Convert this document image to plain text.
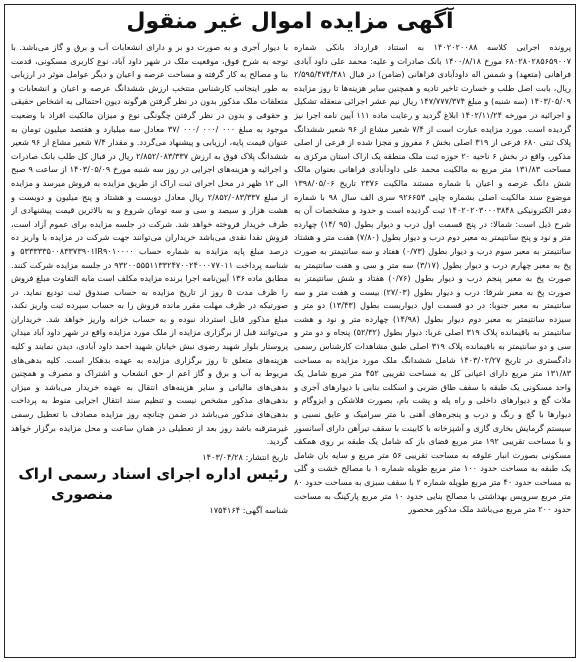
آگهی مزایده اموال غیر منقول

پرونده اجرایی کلاسه ۱۴۰۲۰۲۰۰۸۸ به استناد قرارداد بانکی شماره ۶۸۰۲۸۰۲۸۵۶۵۹۰۰۷ مورخ ۱۴۰۰/۸/۱۸ بانک صادرات و علیه: محمد علی داود آبادی فراهانی (متعهد) و شمس اله داودآبادی فراهانی (ضامن) در قبال ۲/۵۹۵/۴۷۴/۴۸۱ ریال، بابت اصل طلب و خسارت تاخیر تادیه و همچنین سایر هزینه‌ها تا روز مزایده ۱۴۰۳/۰۵/۰۹ (سه شنبه) و مبلغ ۱۴۷/۷۷۷/۳۷۴ ریال نیم عشر اجرائی منعقله تشکیل و اجرائیه در مورخه ۱۴۰۲/۱۱/۲۴ ابلاغ گردید و رعایت ماده ۱۱۱ آیین نامه اجرا نیز گردیده است. مورد مزایده عبارت است از ۷/۴ شعیر مشاع از ۹۶ شعیر ششدانگ پلاک ثبتی ۶۸۰ فرعی از ۳۱۹ اصلی بخش ۶ مفروز و مجزا شده از فرعی از اصلی مذکور، واقع در بخش ۶ ناحیه ۲۰ حوزه ثبت ملک منطقه یک اراک استان مرکزی به مساحت ۱۳۱/۸۳ متر مربع به مالکیت محمد علی داودآبادی فراهانی بعنوان مالک شش دانگ عرصه و اعیان با شماره مستند مالکیت ۲۳۷۶ تاریخ ۱۳۹۸/۰۵/۰۶ موضوع سند مالکیت اصلی بشماره چاپی ۹۲۶۶۵۳ سری الف سال ۹۸ با شماره دفتر الکترونیکی ۱۴۰۲۰۲۰۳۰۰۰۳۸۴۸ ثبت گردیده است و حدود و مشخصات آن به شرح ذیل است: شمالا: در پنج قسمت اول درب و دیوار بطول (۹۵ /۱۴) چهارده متر و نود و پنج سانتیمتر به معبر دوم درب و دیوار بطول (۷/۸۰) هفت متر و هشتاد سانتیمتر به معبر سوم درب و دیوار بطول (۰/۷۳) هفتاد و سه سانتیمتر به صورت پخ به معبر چهارم درب و دیوار بطول (۳/۱۷) سه متر و سی و هفت سانتیمتر به صورت پخ به معبر پنجم درب و دیوار بطول (۰/۷۶) هفتاد و شش سانتیمتر به صورت پخ به معبر شرقا: درب و دیوار بطول (۲۷/۰۳) بیست و هفت متر و سه سانتیمتر به معبر جنوبا: در دو قسمت اول دیواربست بطول (۱۳/۴۳) دو متر و سیزده سانتیمتر به معبر دوم دیوار بطول (۱۴/۹۸) چهارده متر و نود و هشت سانتیمتر به باقیمانده پلاک ۳۱۹ اصلی غربا: دیوار بطول (۵۲/۳۲) پنجاه و دو متر و سی و دو سانتیمتر به باقیمانده پلاک ۳۱۹ اصلی طبق مشاهدات کارشناس رسمی دادگستری در تاریخ ۱۴۰۳/۰۲/۲۷ شامل ششدانگ ملک مورد مزایده به مساحت ۱۳۱/۸۳ متر مربع دارای اعیانی کل به مساحت تقریبی ۴۵۲ متر مربع شامل یک واحد مسکونی یک طبقه با سقف طاق ضربی و اسکلت بنایی با دیوارهای آجری و ملات گچ و دیوارهای داخلی و راه پله و پشت بام، بصورت فلاشکن و ایزوگام و دیوارها با گچ و رنگ و درب و پنجره‌های آهنی با متر سرامیک و عایق نسبی و سیستم گرمایش بخاری گازی و آشپزخانه با کابینت با سقف تیرآهن دارای آسانسور و با مساحت تقریبی ۱۹۲ متر مربع فضای باز که شامل یک طبقه بر روی همکف مسکونی بصورت انبار علوفه به مساحت تقریبی ۵۶ متر مربع و سایه بان شامل یک طبقه به مساحت حدود ۱۰۰ متر مربع طویله شماره ۱ با مصالح خشت و گلی به مساحت حدود ۴۰ متر مربع طویله شماره ۲ با سقف سبزی به مساحت حدود ۸۰ متر مربع سرویس بهداشتی با مصالح بنایی حدود ۱۰ متر مربع پارکینگ به مساحت حدود ۲۰۰ متر مربع می‌باشد ملک مذکور محصور

با دیوار آجری و به صورت دو بر و دارای انشعابات آب و برق و گاز می‌باشد. با توجه به شرح فوق، موقعیت ملک در شهر داود آباد، نوع کاربری مسکونی، قدمت بنا و مصالح به کار گرفته و مساحت عرصه و اعیان و دیگر عوامل موثر در ارزیابی به طور اینجانب کارشناس منتخب ارزش ششدانگ عرصه و اعیان و انشعابات و متعلقات ملک مذکور بدون در نظر گرفتن هرگونه دیون احتمالی به اشخاص حقیقی و حقوقی و بدون در نظر گرفتن چگونگی نوع و میزان مالکیت افراد با وضعیت موجود به مبلغ ۰۰۰ /۰۰۰ /۰۰۰ /۳۷ معادل سه میلیارد و هفتصد میلیون تومان به عنوان قیمت پایه، ارزیابی و پیشنهاد می‌گردد. و مقدار ۷/۴ شعیر مشاع از ۹۶ شعیر ششدانگ پلاک فوق به ارزش ۲/۸۵۲/۰۸۳/۳۳۷ ریال در قبال کل طلب بانک صادرات و اجرائیه و هزینه‌های اجرایی در روز سه شنبه مورخ ۱۴۰۳/۰۵/۰۹ از ساعت ۹ صبح الی ۱۲ ظهر در محل اجرای ثبت اراک از طریق مزایده به فروش میرسد و مزایده از مبلغ ۲/۸۵۲/۰۸۳/۳۳۷ ریال معادل دویست و هشتاد و پنج میلیون و دویست و هشت هزار و سیصد و سی و سه تومان شروع و به بالاترین قیمت پیشنهادی از طرف خریدار فروخته خواهد شد. شرکت در جلسه مزایده برای عموم آزاد است، فروش نقدا نقدی می‌باشد خریداران می‌توانند جهت شرکت در مزایده با واریز ده درصد مبلغ پایه مزایده به شماره حساب ۵۳۳۳۳۳۵۰۰۸۳۳۷۳۹۰۱IR۹۰۱۰۰۰۰ و شناسه پرداخت ۹۳۲۰۰۵۵۵۱۱۳۳۲۴۷۰۰۲۴۰۰۰۷۷۰۱۱ در جلسه مزایده شرکت کنند. مطابق ماده ۱۳۶ آیین‌نامه اجرا برنده مزایده مکلف است مابه التفاوت مبلغ فروش را ظرف مدت ۵ روز از تاریخ مزایده به حساب صندوق ثبت تودیع نماید. در صورتیکه در ظرف مهلت مقرر مانده فروش را به حساب سپرده ثبت واریز نکند، مبلغ مذکور قابل استرداد نبوده و به حساب خزانه واریز خواهد شد. خریداران می‌توانند قبل از برگزاری مزایده از ملک مورد مزایده واقع در شهر داود آباد میدان پروستار بلوار شهید رضوی نبش خیابان شهید احمد داود آبادی، دیدن نمایند و کلیه هزینه‌های متعلق تا روز برگزاری مزایده به عهده بدهکار است. کلیه بدهی‌های مربوط به آب و برق و گاز اعم از حق انشعاب و اشتراک و مصرف و همچنین بدهی‌های مالیاتی و سایر هزینه‌های انتقال به عهده خریدار می‌باشد و میزان بدهی‌های مذکور مشخص نیست و تنظیم سند انتقال اجرایی منوط به پرداخت بدهی‌های مذکور می‌باشد در ضمن چنانچه روز مزایده مصادف با تعطیل رسمی غیرمترقبه باشد روز بعد از تعطیلی در همان ساعت و محل مزایده برگزار خواهد گردید.

تاریخ انتشار: ۱۴۰۳/۰۴/۲۸
رئیس اداره اجرای اسناد رسمی اراک
منصوری
شناسه آگهی: ۱۷۵۴۱۶۴
